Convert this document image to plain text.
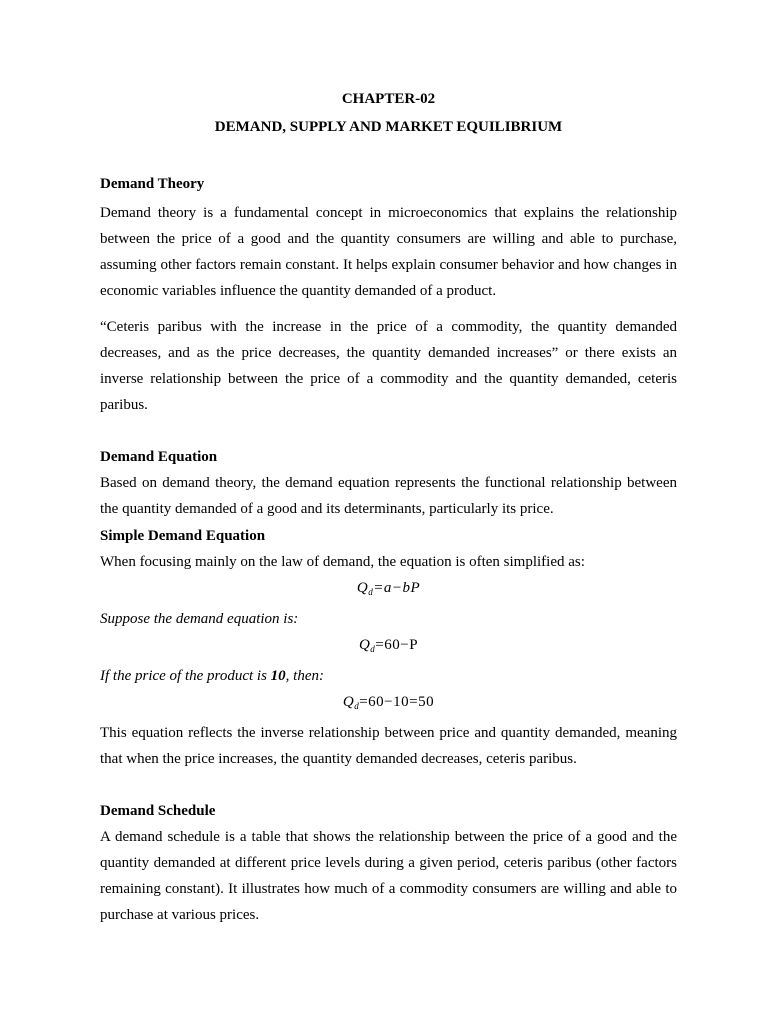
CHAPTER-02
DEMAND, SUPPLY AND MARKET EQUILIBRIUM
Demand Theory

Demand theory is a fundamental concept in microeconomics that explains the relationship between the price of a good and the quantity consumers are willing and able to purchase, assuming other factors remain constant. It helps explain consumer behavior and how changes in economic variables influence the quantity demanded of a product.

“Ceteris paribus with the increase in the price of a commodity, the quantity demanded decreases, and as the price decreases, the quantity demanded increases” or there exists an inverse relationship between the price of a commodity and the quantity demanded, ceteris paribus.

Demand Equation

Based on demand theory, the demand equation represents the functional relationship between the quantity demanded of a good and its determinants, particularly its price.

Simple Demand Equation

When focusing mainly on the law of demand, the equation is often simplified as:

$Q_d=a-bP$

Suppose the demand equation is:

$Q_d=60-P$

If the price of the product is 10, then:

$Q_d=60-10=50$

This equation reflects the inverse relationship between price and quantity demanded, meaning that when the price increases, the quantity demanded decreases, ceteris paribus.

Demand Schedule

A demand schedule is a table that shows the relationship between the price of a good and the quantity demanded at different price levels during a given period, ceteris paribus (other factors remaining constant). It illustrates how much of a commodity consumers are willing and able to purchase at various prices.
